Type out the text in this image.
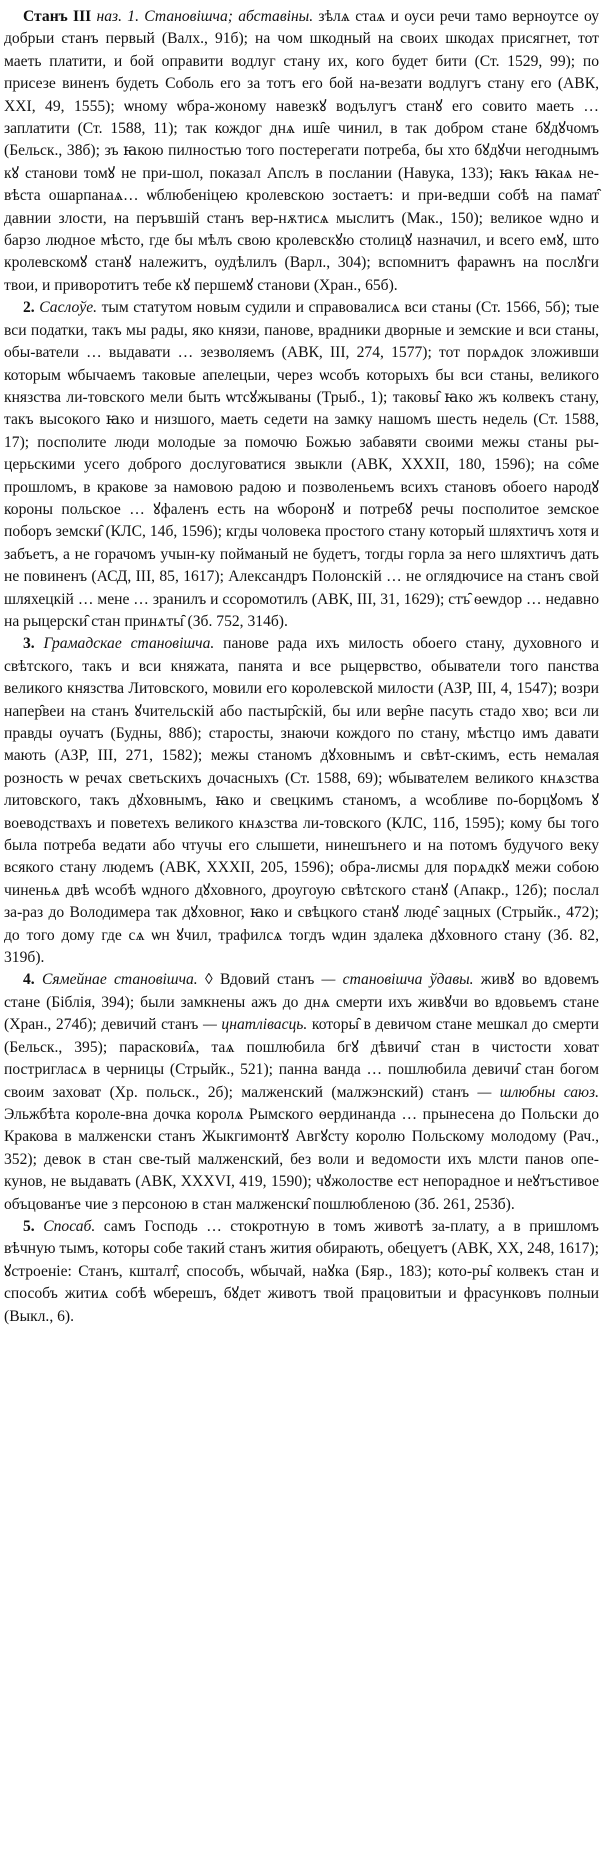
Станъ III наз. 1. Становішча; абставіны. зѣлѧ стаѧ и оуси речи тамо верноутсе оу добрыи станъ первый (Валх., 91б); на чом шкодный на своих шкодах присягнет, тот маеть платити, и бой оправити водлуг стану их, кого будет бити (Ст. 1529, 99); по присезе виненъ будеть Соболь его за тотъ его бой на-везати водлугъ стану его (АВК, XXI, 49, 1555); ѡному ѡбра-жоному навезкꙋ водълугъ станꙋ его совито маеть … заплатити (Ст. 1588, 11); так кождог днѧ иш̑е чинил, в так добром стане бꙋдꙋчомъ (Бельск., 38б); зъ ꙗкою пилностью того постерегати потреба, бы хто бꙋдꙋчи негоднымъ кꙋ станови томꙋ не при-шол, показал Апслъ в послании (Навука, 133); ꙗкъ ꙗкаѧ не-вѣста ошарпанаѧ… ѡблюбеніцею кролевскою зостаетъ: и при-ведши собѣ на памат̑ давнии злости, на перъвшій станъ вер-нѫтисѧ мыслитъ (Мак., 150); великое ѡдно и барзо людное мѣсто, где бы мѣлъ свою кролевскꙋю столицꙋ назначил, и всего емꙋ, што кролевскомꙋ станꙋ належитъ, оудѣлилъ (Варл., 304); вспомнитъ фараѡнъ на послꙋги твои, и приворотитъ тебе кꙋ першемꙋ станови (Хран., 65б).

2. Саслоўе. тым статутом новым судили и справовалисѧ вси станы (Ст. 1566, 5б); тые вси податки, такъ мы рады, яко князи, панове, врадники дворные и земские и вси станы, обы-ватели … выдавати … зезволяемъ (АВК, III, 274, 1577); тот порѧдок зложивши которым ѡбычаемъ таковые апелецыи, через ѡсобъ которыхъ бы вси станы, великого князства ли-товского мели быть ѡтсꙋжываны (Трыб., 1); таковы̑ ꙗко жъ колвекъ стану, такъ высокого ꙗко и низшого, маеть седети на замку нашомъ шесть недель (Ст. 1588, 17); посполите люди молодые за помочю Божью забавяти своими межы станы ры-церьскими усего доброго дослуговатися звыкли (АВК, XXXII, 180, 1596); на со̑ме прошломъ, в кракове за намовою радою и позволеньемъ всихъ становъ обоего народꙋ короны польское … ꙋфаленъ есть на ѡборонꙋ и потребꙋ речы посполитое земское поборъ земски̑ (КЛС, 14б, 1596); кгды чоловека простого стану который шляхтичъ хотя и забъетъ, а не горачомъ учын-ку пойманый не будетъ, тогды горла за него шляхтичъ дать не повиненъ (АСД, III, 85, 1617); Александръ Полонскій … не оглядючисе на станъ свой шляхецкій … мене … зранилъ и ссоромотилъ (АВК, III, 31, 1629); стъ̑ ѳеѡдор … недавно на рыцерски̑ стан принѧты̑ (Зб. 752, 314б).

3. Грамадскае становішча. панове рада ихъ милость обоего стану, духовного и свѣтского, такъ и вси княжата, панята и все рыцервство, обыватели того панства великого князства Литовского, мовили его королевской милости (АЗР, III, 4, 1547); возри напер̑веи на станъ ꙋчительскій або пастыр̑скій, бы или вер̑не пасуть стадо хво; вси ли правды оучатъ (Будны, 88б); старосты, знаючи кождого по стану, мѣстцо имъ давати мають (АЗР, III, 271, 1582); межы станомъ дꙋховнымъ и свѣт-скимъ, есть немалая розность ѡ речах светьскихъ дочасныхъ (Ст. 1588, 69); ѡбывателем великого кнѧзства литовского, такъ дꙋховнымъ, ꙗко и свецкимъ станомъ, а ѡсобливе по-борцꙋомъ ꙋ воеводствахъ и поветехъ великого кнѧзства ли-товского (КЛС, 11б, 1595); кому бы того была потреба ведати або чтучы его слышети, нинешънего и на потомъ будучого веку всякого стану людемъ (АВК, XXXII, 205, 1596); обра-лисмы для порѧдкꙋ межи собою чиненьѧ двѣ ѡсобѣ ѡдного дꙋховного, дроугоую свѣтского станꙋ (Апакр., 12б); послал за-раз до Володимера так дꙋховног, ꙗко и свѣцкого станꙋ люде̑ зацных (Стрыйк., 472); до того дому где сѧ ѡн ꙋчил, трафилсѧ тогдъ ѡдин здалека дꙋховного стану (Зб. 82, 319б).

4. Сямейнае становішча. ◊ Вдовий станъ — становішча ўдавы. живꙋ во вдовемъ стане (Біблія, 394); были замкнены ажъ до днѧ смерти ихъ живꙋчи во вдовьемъ стане (Хран., 274б); девичий станъ — цнатлівасць. которы̑ в девичом стане мешкал до смерти (Бельск., 395); параскови̑ѧ, таѧ пошлюбила бгꙋ дѣвичи̑ стан в чистости ховат постригласѧ в черницы (Стрыйк., 521); панна ванда … пошлюбила девичи̑ стан богом своим заховат (Хр. польск., 2б); малженский (малжэнский) станъ — шлюбны саюз. Эльжбѣта короле-вна дочка королѧ Рымского ѳердинанда … прынесена до Польски до Кракова в малженски станъ Жыкгимонтꙋ Авгꙋсту королю Польскому молодому (Рач., 352); девок в стан све-тый малженский, без воли и ведомости ихъ млсти панов опе-кунов, не выдавать (АВК, XXXVI, 419, 1590); чꙋжолостве ест непорадное и неꙋтъстивое объцованъе чие з персоною в стан малженски̑ пошлюбленою (Зб. 261, 253б).

5. Спосаб. самъ Господь … стокротную в томъ животѣ за-плату, а в пришломъ вѣчную тымъ, которы собе такий станъ жития обирають, обецуетъ (АВК, XX, 248, 1617); ꙋстроеніе: Станъ, кшталт̑, способъ, ѡбычай, наꙋка (Бяр., 183); кото-ры̑ колвекъ стан и способъ житиѧ собѣ ѡберешъ, бꙋдет животъ твой працовитыи и фрасунковъ полныи (Выкл., 6).
